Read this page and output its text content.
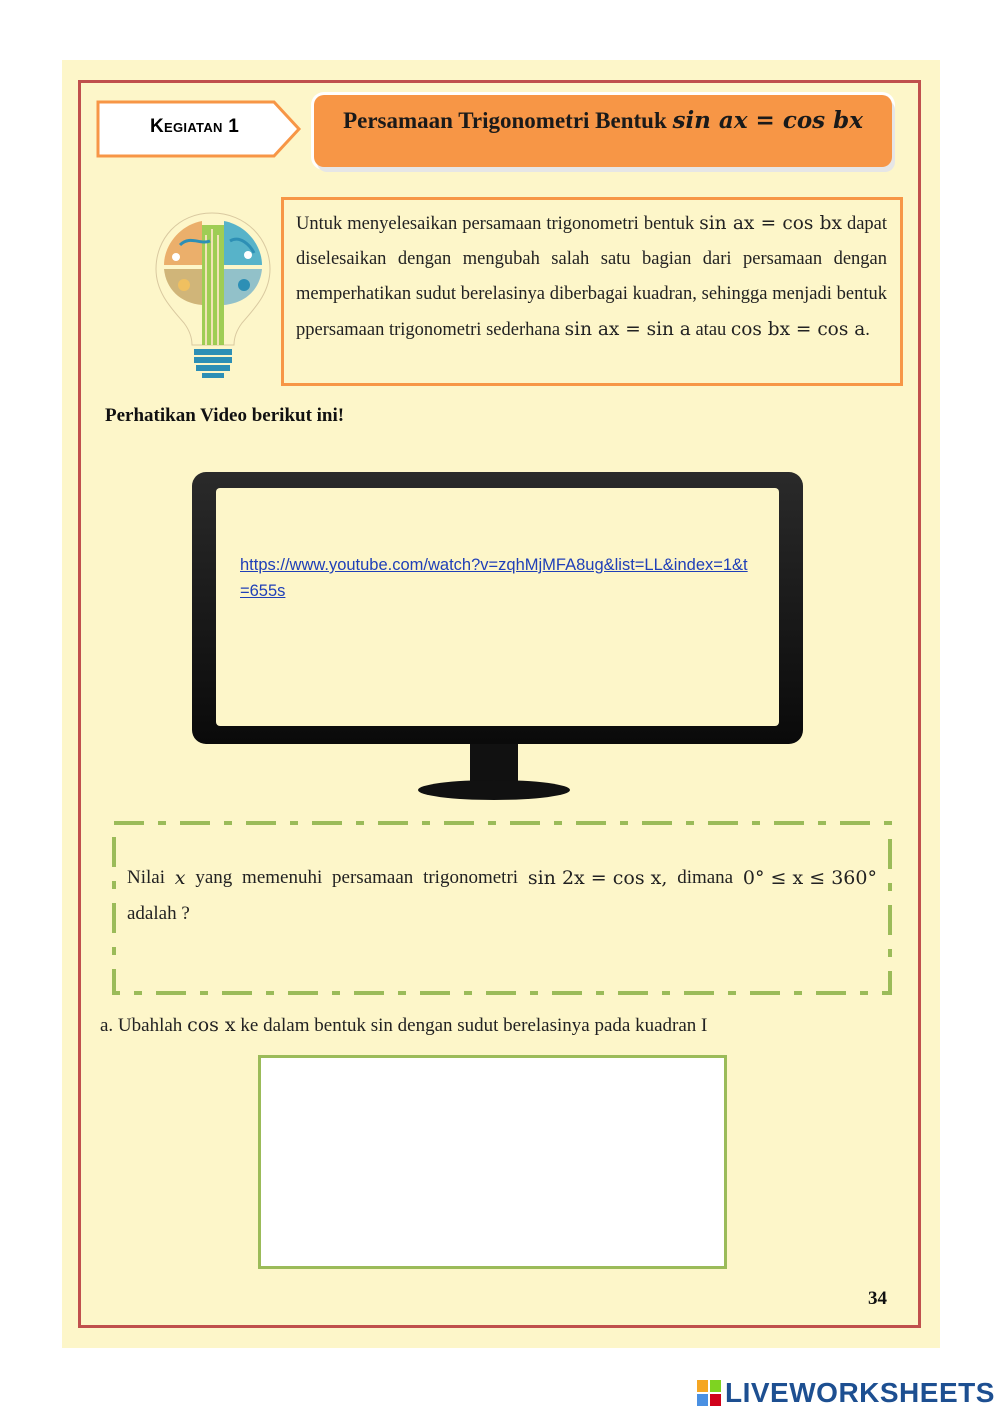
Kegiatan 1	Persamaan Trigonometri Bentuk sin ax = cos bx

Untuk menyelesaikan persamaan trigonometri bentuk sin ax = cos bx dapat diselesaikan dengan mengubah salah satu bagian dari persamaan dengan memperhatikan sudut berelasinya diberbagai kuadran, sehingga menjadi bentuk ppersamaan trigonometri sederhana sin ax = sin a atau cos bx = cos a.

Perhatikan Video berikut ini!
https://www.youtube.com/watch?v=zqhMjMFA8ug&list=LL&index=1&t=655s
Nilai x yang memenuhi persamaan trigonometri sin 2x = cos x, dimana 0° ≤ x ≤ 360°
adalah ?
a. Ubahlah cos x ke dalam bentuk sin dengan sudut berelasinya pada kuadran I
34
LIVEWORKSHEETS
